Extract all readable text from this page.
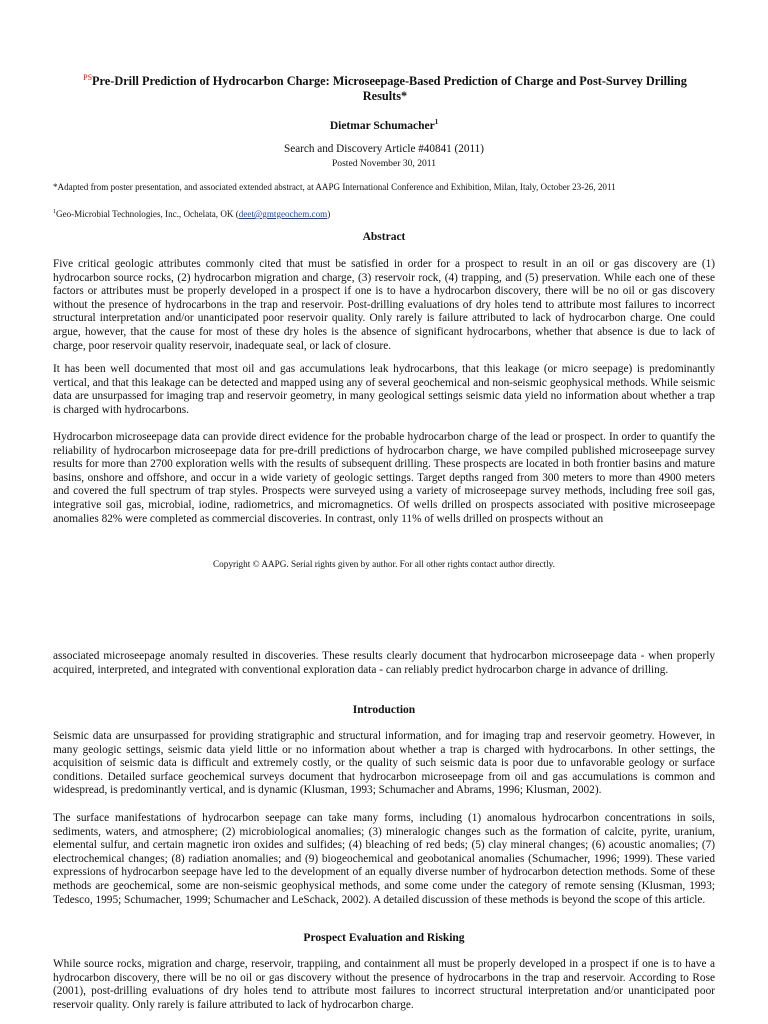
$^{PS}$Pre-Drill Prediction of Hydrocarbon Charge: Microseepage-Based Prediction of Charge and Post-Survey Drilling Results*
Dietmar Schumacher$^1$
Search and Discovery Article #40841 (2011)
Posted November 30, 2011
*Adapted from poster presentation, and associated extended abstract, at AAPG International Conference and Exhibition, Milan, Italy, October 23-26, 2011
$^1$Geo-Microbial Technologies, Inc., Ochelata, OK (deet@gmtgeochem.com)
Abstract

Five critical geologic attributes commonly cited that must be satisfied in order for a prospect to result in an oil or gas discovery are (1) hydrocarbon source rocks, (2) hydrocarbon migration and charge, (3) reservoir rock, (4) trapping, and (5) preservation. While each one of these factors or attributes must be properly developed in a prospect if one is to have a hydrocarbon discovery, there will be no oil or gas discovery without the presence of hydrocarbons in the trap and reservoir. Post-drilling evaluations of dry holes tend to attribute most failures to incorrect structural interpretation and/or unanticipated poor reservoir quality. Only rarely is failure attributed to lack of hydrocarbon charge. One could argue, however, that the cause for most of these dry holes is the absence of significant hydrocarbons, whether that absence is due to lack of charge, poor reservoir quality reservoir, inadequate seal, or lack of closure.

It has been well documented that most oil and gas accumulations leak hydrocarbons, that this leakage (or micro seepage) is predominantly vertical, and that this leakage can be detected and mapped using any of several geochemical and non-seismic geophysical methods. While seismic data are unsurpassed for imaging trap and reservoir geometry, in many geological settings seismic data yield no information about whether a trap is charged with hydrocarbons.

Hydrocarbon microseepage data can provide direct evidence for the probable hydrocarbon charge of the lead or prospect. In order to quantify the reliability of hydrocarbon microseepage data for pre-drill predictions of hydrocarbon charge, we have compiled published microseepage survey results for more than 2700 exploration wells with the results of subsequent drilling. These prospects are located in both frontier basins and mature basins, onshore and offshore, and occur in a wide variety of geologic settings. Target depths ranged from 300 meters to more than 4900 meters and covered the full spectrum of trap styles. Prospects were surveyed using a variety of microseepage survey methods, including free soil gas, integrative soil gas, microbial, iodine, radiometrics, and micromagnetics. Of wells drilled on prospects associated with positive microseepage anomalies 82% were completed as commercial discoveries. In contrast, only 11% of wells drilled on prospects without an

Copyright © AAPG. Serial rights given by author. For all other rights contact author directly.

associated microseepage anomaly resulted in discoveries. These results clearly document that hydrocarbon microseepage data - when properly acquired, interpreted, and integrated with conventional exploration data - can reliably predict hydrocarbon charge in advance of drilling.

Introduction

Seismic data are unsurpassed for providing stratigraphic and structural information, and for imaging trap and reservoir geometry. However, in many geologic settings, seismic data yield little or no information about whether a trap is charged with hydrocarbons. In other settings, the acquisition of seismic data is difficult and extremely costly, or the quality of such seismic data is poor due to unfavorable geology or surface conditions. Detailed surface geochemical surveys document that hydrocarbon microseepage from oil and gas accumulations is common and widespread, is predominantly vertical, and is dynamic (Klusman, 1993; Schumacher and Abrams, 1996; Klusman, 2002).

The surface manifestations of hydrocarbon seepage can take many forms, including (1) anomalous hydrocarbon concentrations in soils, sediments, waters, and atmosphere; (2) microbiological anomalies; (3) mineralogic changes such as the formation of calcite, pyrite, uranium, elemental sulfur, and certain magnetic iron oxides and sulfides; (4) bleaching of red beds; (5) clay mineral changes; (6) acoustic anomalies; (7) electrochemical changes; (8) radiation anomalies; and (9) biogeochemical and geobotanical anomalies (Schumacher, 1996; 1999). These varied expressions of hydrocarbon seepage have led to the development of an equally diverse number of hydrocarbon detection methods. Some of these methods are geochemical, some are non-seismic geophysical methods, and some come under the category of remote sensing (Klusman, 1993; Tedesco, 1995; Schumacher, 1999; Schumacher and LeSchack, 2002). A detailed discussion of these methods is beyond the scope of this article.

Prospect Evaluation and Risking

While source rocks, migration and charge, reservoir, trappiing, and containment all must be properly developed in a prospect if one is to have a hydrocarbon discovery, there will be no oil or gas discovery without the presence of hydrocarbons in the trap and reservoir. According to Rose (2001), post-drilling evaluations of dry holes tend to attribute most failures to incorrect structural interpretation and/or unanticipated poor reservoir quality. Only rarely is failure attributed to lack of hydrocarbon charge.
